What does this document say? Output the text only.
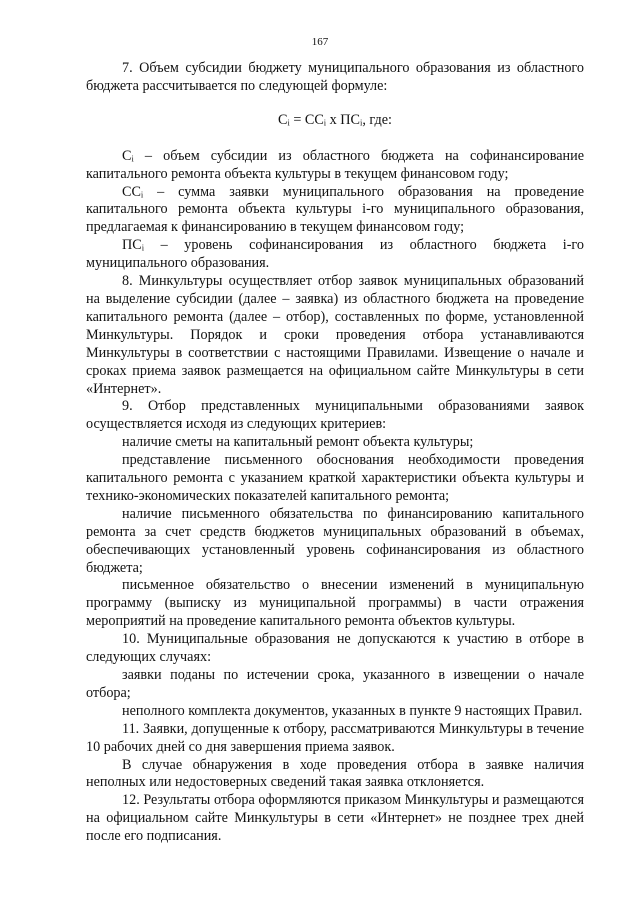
167

7. Объем субсидии бюджету муниципального образования из областного бюджета рассчитывается по следующей формуле:

Сᵢ = ССᵢ х ПСᵢ, где:

Сᵢ – объем субсидии из областного бюджета на софинансирование капитального ремонта объекта культуры в текущем финансовом году;

ССᵢ – сумма заявки муниципального образования на проведение капитального ремонта объекта культуры i-го муниципального образования, предлагаемая к финансированию в текущем финансовом году;

ПСᵢ – уровень софинансирования из областного бюджета i-го муниципального образования.

8. Минкультуры осуществляет отбор заявок муниципальных образований на выделение субсидии (далее – заявка) из областного бюджета на проведение капитального ремонта (далее – отбор), составленных по форме, установленной Минкультуры. Порядок и сроки проведения отбора устанавливаются Минкультуры в соответствии с настоящими Правилами. Извещение о начале и сроках приема заявок размещается на официальном сайте Минкультуры в сети «Интернет».

9. Отбор представленных муниципальными образованиями заявок осуществляется исходя из следующих критериев:

наличие сметы на капитальный ремонт объекта культуры;

представление письменного обоснования необходимости проведения капитального ремонта с указанием краткой характеристики объекта культуры и технико-экономических показателей капитального ремонта;

наличие письменного обязательства по финансированию капитального ремонта за счет средств бюджетов муниципальных образований в объемах, обеспечивающих установленный уровень софинансирования из областного бюджета;

письменное обязательство о внесении изменений в муниципальную программу (выписку из муниципальной программы) в части отражения мероприятий на проведение капитального ремонта объектов культуры.

10. Муниципальные образования не допускаются к участию в отборе в следующих случаях:

заявки поданы по истечении срока, указанного в извещении о начале отбора;

неполного комплекта документов, указанных в пункте 9 настоящих Правил.

11. Заявки, допущенные к отбору, рассматриваются Минкультуры в течение 10 рабочих дней со дня завершения приема заявок.

В случае обнаружения в ходе проведения отбора в заявке наличия неполных или недостоверных сведений такая заявка отклоняется.

12. Результаты отбора оформляются приказом Минкультуры и размещаются на официальном сайте Минкультуры в сети «Интернет» не позднее трех дней после его подписания.
